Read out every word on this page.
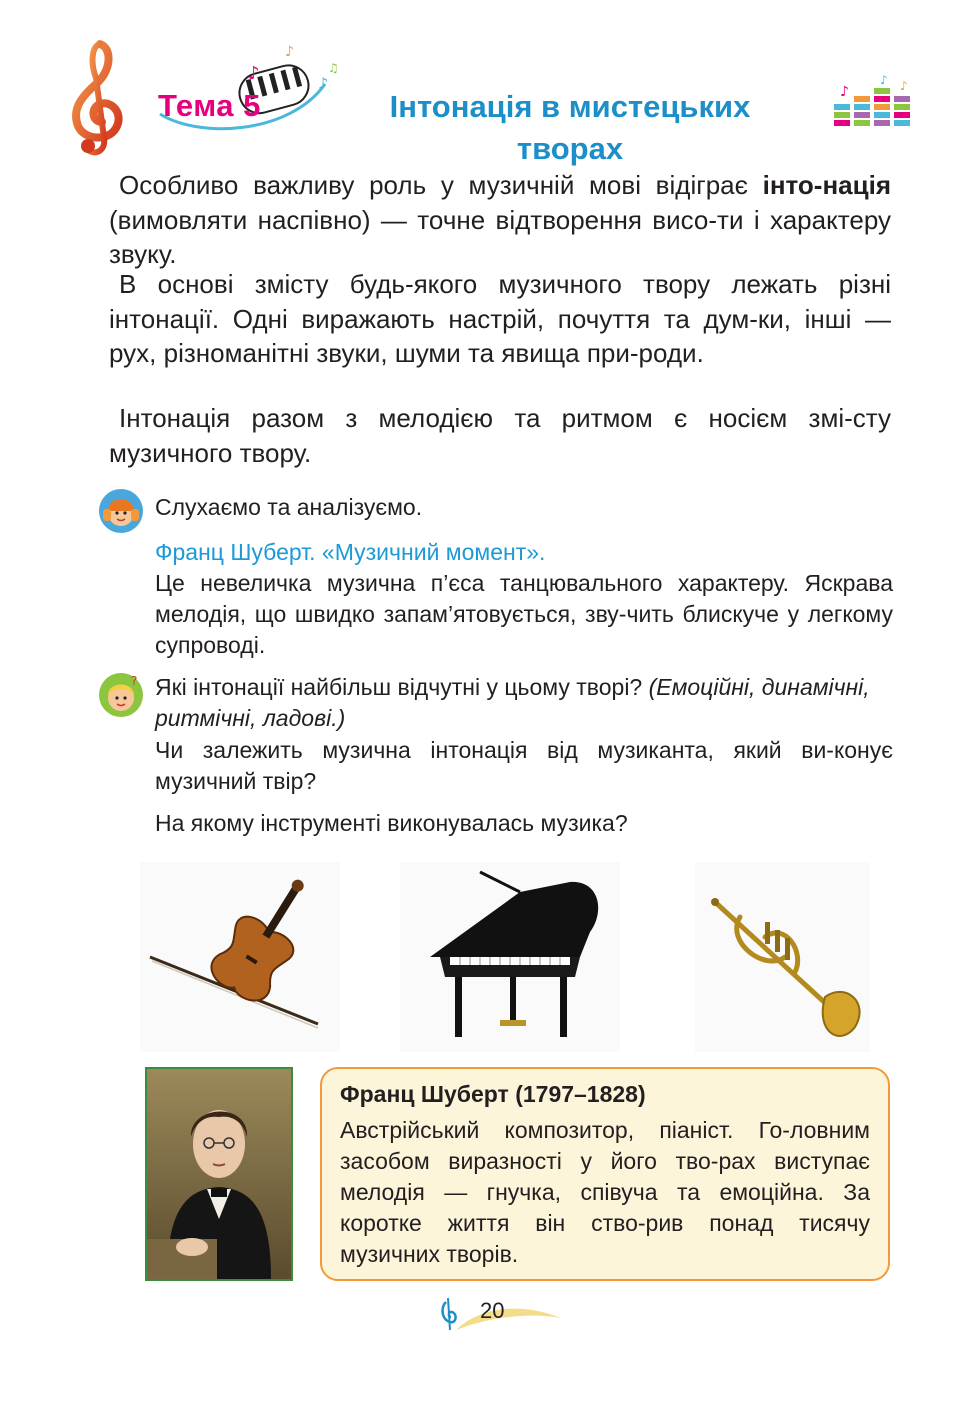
♪	♪
♪
♫
Тема 5	Інтонація в мистецьких
творах
♪
♪ ♪
Особливо важливу роль у музичній мові відіграє інто-нація (вимовляти наспівно) — точне відтворення висо-ти і характеру звуку.
В основі змісту будь-якого музичного твору лежать різні інтонації. Одні виражають настрій, почуття та дум-ки, інші — рух, різноманітні звуки, шуми та явища при-роди.
Інтонація разом з мелодією та ритмом є носієм змі-сту музичного твору.
Слухаємо та аналізуємо.
Франц Шуберт. «Музичний момент».
Це невеличка музична п’єса танцювального характеру. Яскрава мелодія, що швидко запам’ятовується, зву-чить блискуче у легкому супроводі.
? Які інтонації найбільш відчутні у цьому творі? (Емоційні, динамічні, ритмічні, ладові.)
Чи залежить музична інтонація від музиканта, який ви-конує музичний твір?
На якому інструменті виконувалась музика?
Франц Шуберт (1797–1828)
Австрійський композитор, піаніст. Го-ловним засобом виразності у його тво-рах виступає мелодія — гнучка, співуча та емоційна. За коротке життя він ство-рив понад тисячу музичних творів.
20
